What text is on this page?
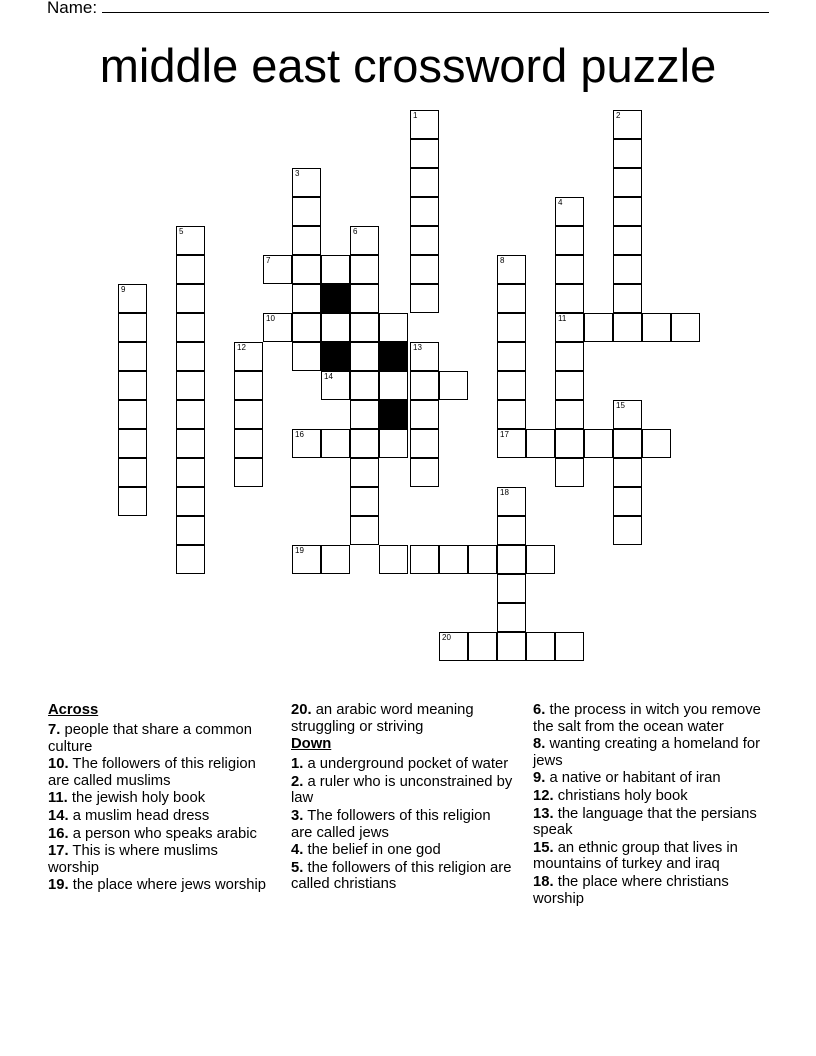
Name:
middle east crossword puzzle
1	2
3
4
11
5	6
7	8
17
9
10
12	13
14
15
16
18
19
20
Across
7. people that share a common culture
10. The followers of this religion are called muslims
11. the jewish holy book
14. a muslim head dress
16. a person who speaks arabic
17. This is where muslims worship
19. the place where jews worship
20. an arabic word meaning struggling or striving
Down
1. a underground pocket of water
2. a ruler who is unconstrained by law
3. The followers of this religion are called jews
4. the belief in one god
5. the followers of this religion are called christians
6. the process in witch you remove the salt from the ocean water
8. wanting creating a homeland for jews
9. a native or habitant of iran
12. christians holy book
13. the language that the persians speak
15. an ethnic group that lives in mountains of turkey and iraq
18. the place where christians worship
